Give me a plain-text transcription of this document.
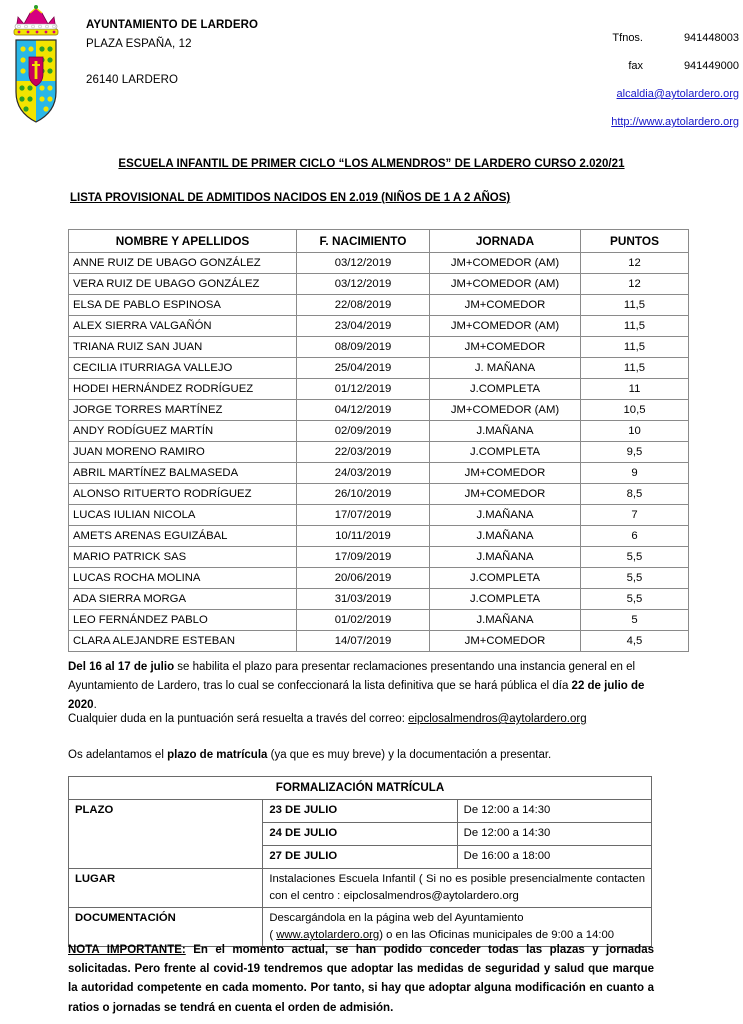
AYUNTAMIENTO DE LARDERO
PLAZA ESPAÑA, 12
26140 LARDERO
Tfnos.	941448003
fax	941449000
alcaldia@aytolardero.org
http://www.aytolardero.org
ESCUELA INFANTIL DE PRIMER CICLO “LOS ALMENDROS” DE LARDERO CURSO 2.020/21
LISTA PROVISIONAL DE ADMITIDOS NACIDOS EN 2.019 (NIÑOS DE 1 A 2 AÑOS)
NOMBRE Y APELLIDOS	F. NACIMIENTO	JORNADA	PUNTOS
ANNE RUIZ DE UBAGO GONZÁLEZ	03/12/2019	JM+COMEDOR (AM)	12
VERA RUIZ DE UBAGO GONZÁLEZ	03/12/2019	JM+COMEDOR (AM)	12
ELSA DE PABLO ESPINOSA	22/08/2019	JM+COMEDOR	11,5
ALEX SIERRA VALGAÑÓN	23/04/2019	JM+COMEDOR (AM)	11,5
TRIANA RUIZ SAN JUAN	08/09/2019	JM+COMEDOR	11,5
CECILIA ITURRIAGA VALLEJO	25/04/2019	J. MAÑANA	11,5
HODEI HERNÁNDEZ RODRÍGUEZ	01/12/2019	J.COMPLETA	11
JORGE TORRES MARTÍNEZ	04/12/2019	JM+COMEDOR (AM)	10,5
ANDY RODÍGUEZ MARTÍN	02/09/2019	J.MAÑANA	10
JUAN MORENO RAMIRO	22/03/2019	J.COMPLETA	9,5
ABRIL MARTÍNEZ BALMASEDA	24/03/2019	JM+COMEDOR	9
ALONSO RITUERTO RODRÍGUEZ	26/10/2019	JM+COMEDOR	8,5
LUCAS IULIAN NICOLA	17/07/2019	J.MAÑANA	7
AMETS ARENAS EGUIZÁBAL	10/11/2019	J.MAÑANA	6
MARIO PATRICK SAS	17/09/2019	J.MAÑANA	5,5
LUCAS ROCHA MOLINA	20/06/2019	J.COMPLETA	5,5
ADA SIERRA MORGA	31/03/2019	J.COMPLETA	5,5
LEO FERNÁNDEZ PABLO	01/02/2019	J.MAÑANA	5
CLARA ALEJANDRE ESTEBAN	14/07/2019	JM+COMEDOR	4,5
Del 16 al 17 de julio se habilita el plazo para presentar reclamaciones presentando una instancia general en el Ayuntamiento de Lardero, tras lo cual se confeccionará la lista definitiva que se hará pública el día 22 de julio de 2020.
Cualquier duda en la puntuación será resuelta a través del correo: eipclosalmendros@aytolardero.org
Os adelantamos el plazo de matrícula (ya que es muy breve) y la documentación a presentar.
FORMALIZACIÓN MATRÍCULA		
PLAZO	23 DE JULIO	De 12:00 a 14:30
	24 DE JULIO	De 12:00 a 14:30
	27 DE JULIO	De 16:00 a 18:00
LUGAR	Instalaciones Escuela Infantil ( Si no es posible presencialmente contacten con el centro : eipclosalmendros@aytolardero.org	
DOCUMENTACIÓN	Descargándola en la página web del Ayuntamiento
( www.aytolardero.org) o en las Oficinas municipales de 9:00 a 14:00	
NOTA IMPORTANTE: En el momento actual, se han podido conceder todas las plazas y jornadas solicitadas. Pero frente al covid-19 tendremos que adoptar las medidas de seguridad y salud que marque la autoridad competente en cada momento. Por tanto, si hay que adoptar alguna modificación en cuanto a ratios o jornadas se tendrá en cuenta el orden de admisión.
